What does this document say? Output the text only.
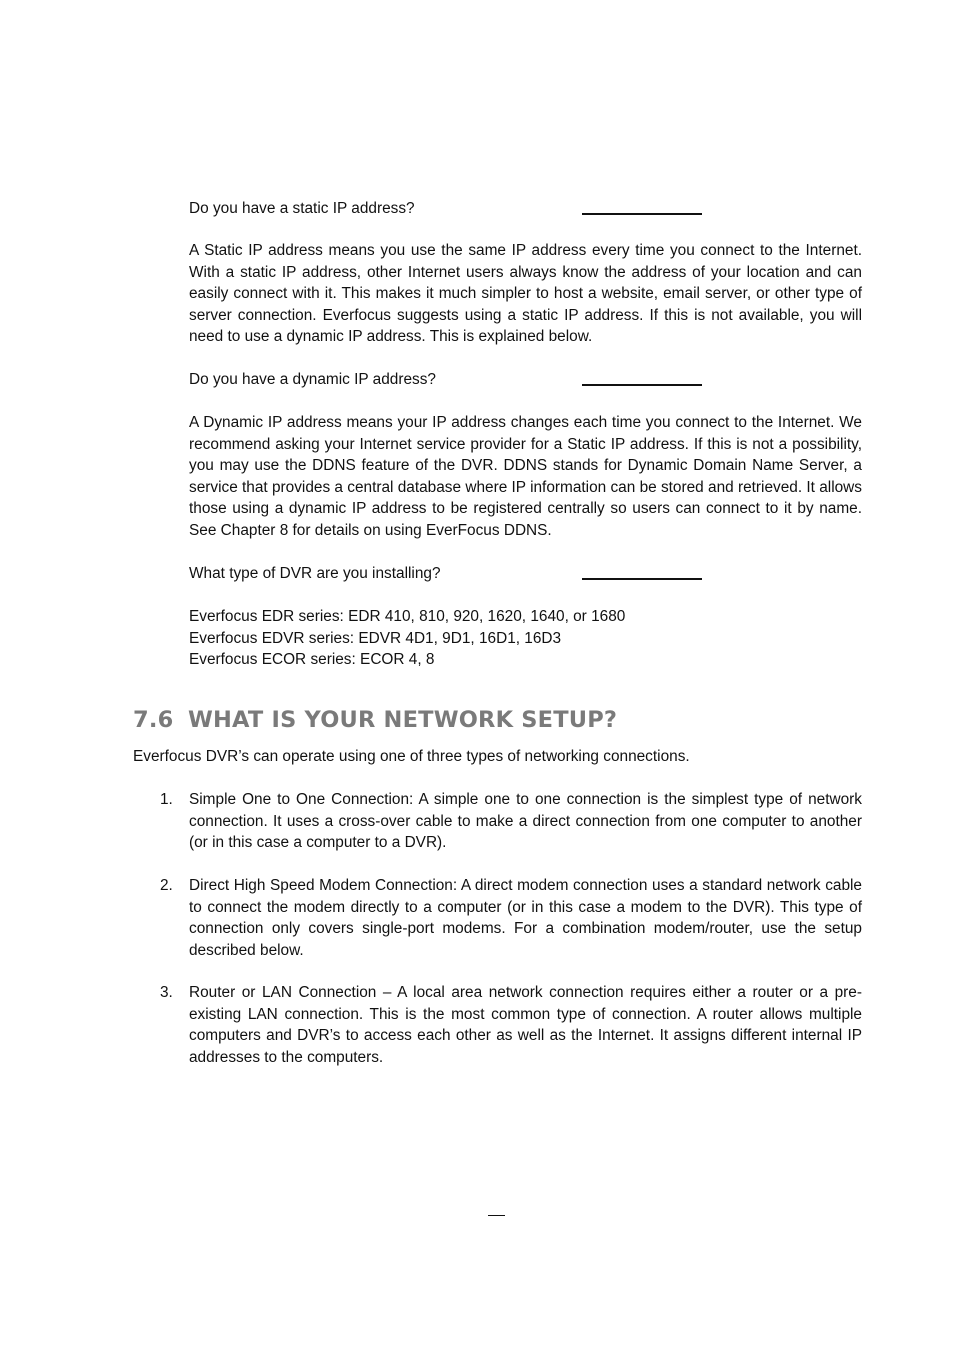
Do you have a static IP address?
A Static IP address means you use the same IP address every time you connect to the Internet. With a static IP address, other Internet users always know the address of your location and can easily connect with it. This makes it much simpler to host a website, email server, or other type of server connection. Everfocus suggests using a static IP address. If this is not available, you will need to use a dynamic IP address. This is explained below.
Do you have a dynamic IP address?
A Dynamic IP address means your IP address changes each time you connect to the Internet. We recommend asking your Internet service provider for a Static IP address. If this is not a possibility, you may use the DDNS feature of the DVR. DDNS stands for Dynamic Domain Name Server, a service that provides a central database where IP information can be stored and retrieved. It allows those using a dynamic IP address to be registered centrally so users can connect to it by name. See Chapter 8 for details on using EverFocus DDNS.
What type of DVR are you installing?
Everfocus EDR series: EDR 410, 810, 920, 1620, 1640, or 1680
Everfocus EDVR series: EDVR 4D1, 9D1, 16D1, 16D3
Everfocus ECOR series: ECOR 4, 8
7.6 WHAT IS YOUR NETWORK SETUP?
Everfocus DVR’s can operate using one of three types of networking connections.
1. Simple One to One Connection: A simple one to one connection is the simplest type of network connection. It uses a cross-over cable to make a direct connection from one computer to another (or in this case a computer to a DVR).
2. Direct High Speed Modem Connection: A direct modem connection uses a standard network cable to connect the modem directly to a computer (or in this case a modem to the DVR). This type of connection only covers single-port modems. For a combination modem/router, use the setup described below.
3. Router or LAN Connection – A local area network connection requires either a router or a pre-existing LAN connection. This is the most common type of connection. A router allows multiple computers and DVR’s to access each other as well as the Internet. It assigns different internal IP addresses to the computers.
